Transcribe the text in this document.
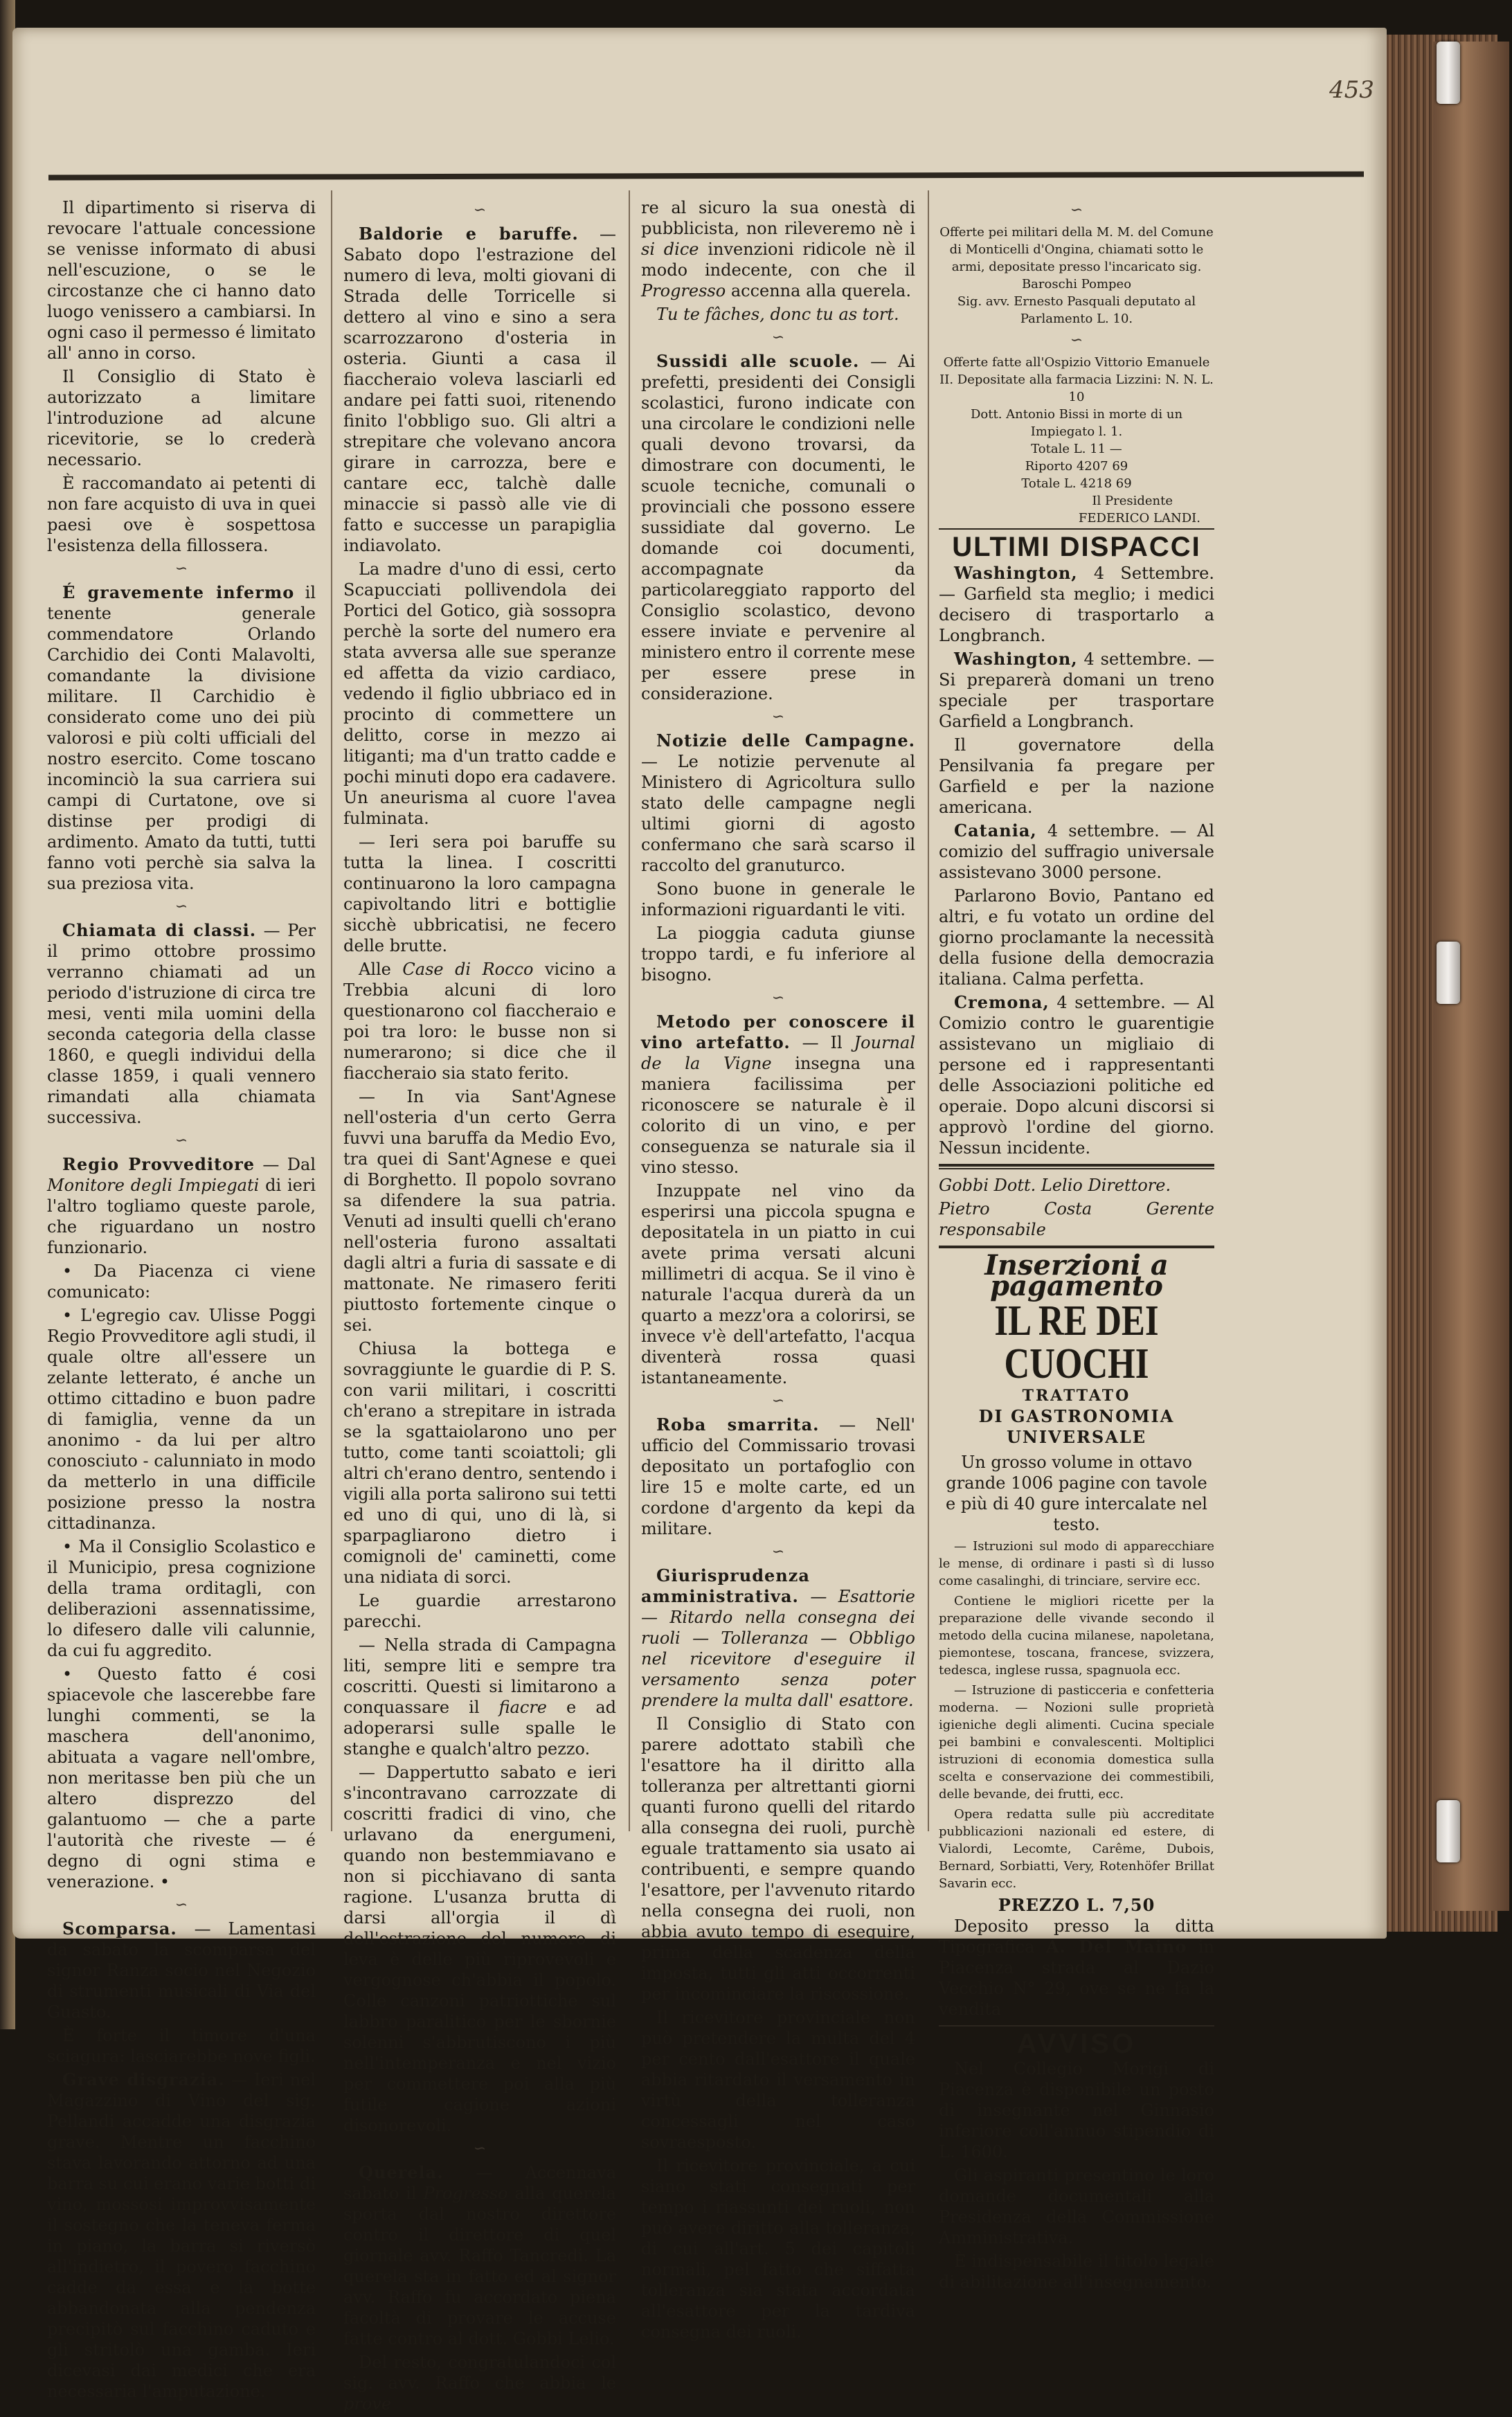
453

Il dipartimento si riserva di revocare l'attuale concessione se venisse informato di abusi nell'escuzione, o se le circostanze che ci hanno dato luogo venissero a cambiarsi. In ogni caso il permesso é limitato all' anno in corso.

Il Consiglio di Stato è autorizzato a limitare l'introduzione ad alcune ricevitorie, se lo crederà necessario.

È raccomandato ai petenti di non fare acquisto di uva in quei paesi ove è sospettosa l'esistenza della fillossera.

∽

É gravemente infermo il tenente generale commendatore Orlando Carchidio dei Conti Malavolti, comandante la divisione militare. Il Carchidio è considerato come uno dei più valorosi e più colti ufficiali del nostro esercito. Come toscano incominciò la sua carriera sui campi di Curtatone, ove si distinse per prodigi di ardimento. Amato da tutti, tutti fanno voti perchè sia salva la sua preziosa vita.

∽

Chiamata di classi. — Per il primo ottobre prossimo verranno chiamati ad un periodo d'istruzione di circa tre mesi, venti mila uomini della seconda categoria della classe 1860, e quegli individui della classe 1859, i quali vennero rimandati alla chiamata successiva.

∽

Regio Provveditore — Dal Monitore degli Impiegati di ieri l'altro togliamo queste parole, che riguardano un nostro funzionario.

• Da Piacenza ci viene comunicato:

• L'egregio cav. Ulisse Poggi Regio Provveditore agli studi, il quale oltre all'essere un zelante letterato, é anche un ottimo cittadino e buon padre di famiglia, venne da un anonimo - da lui per altro conosciuto - calunniato in modo da metterlo in una difficile posizione presso la nostra cittadinanza.

• Ma il Consiglio Scolastico e il Municipio, presa cognizione della trama orditagli, con deliberazioni assennatissime, lo difesero dalle vili calunnie, da cui fu aggredito.

• Questo fatto é cosi spiacevole che lascerebbe fare lunghi commenti, se la maschera dell'anonimo, abituata a vagare nell'ombre, non meritasse ben più che un altero disprezzo del galantuomo — che a parte l'autorità che riveste — é degno di ogni stima e venerazione. •

∽

Scomparsa. — Lamentasi da sabato la scomparsa del signor Ranza socio nel Negozio di strumenti musicali di Via del Guasto.

È forte il timore d'una sciagura: lasciarebbe nove figli.

Grave disgrazia. — Ieri nel Magazzino di Vino del sig. Pellandi accadde una disgrazia grave. Mentre un facchino stava lavorando attorno ad una barra su cui erano varie botti di vino, mossosi improvvisamente il sostegno che la teneva ferma in piano, la barra si riversò all'indietro, il povero facchino cadde da essa e la botte abbandonata alla pendenza precipitò sul facchino caduto e gli stritolò una gamba. Ieri dicevasi dai medici che era necessaria l'amputazione.

∽

Baldorie e baruffe. — Sabato dopo l'estrazione del numero di leva, molti giovani di Strada delle Torricelle si dettero al vino e sino a sera scarrozzarono d'osteria in osteria. Giunti a casa il fiaccheraio voleva lasciarli ed andare pei fatti suoi, ritenendo finito l'obbligo suo. Gli altri a strepitare che volevano ancora girare in carrozza, bere e cantare ecc, talchè dalle minaccie si passò alle vie di fatto e successe un parapiglia indiavolato.

La madre d'uno di essi, certo Scapucciati pollivendola dei Portici del Gotico, già sossopra perchè la sorte del numero era stata avversa alle sue speranze ed affetta da vizio cardiaco, vedendo il figlio ubbriaco ed in procinto di commettere un delitto, corse in mezzo ai litiganti; ma d'un tratto cadde e pochi minuti dopo era cadavere. Un aneurisma al cuore l'avea fulminata.

— Ieri sera poi baruffe su tutta la linea. I coscritti continuarono la loro campagna capivoltando litri e bottiglie sicchè ubbricatisi, ne fecero delle brutte.

Alle Case di Rocco vicino a Trebbia alcuni di loro questionarono col fiaccheraio e poi tra loro: le busse non si numerarono; si dice che il fiaccheraio sia stato ferito.

— In via Sant'Agnese nell'osteria d'un certo Gerra fuvvi una baruffa da Medio Evo, tra quei di Sant'Agnese e quei di Borghetto. Il popolo sovrano sa difendere la sua patria. Venuti ad insulti quelli ch'erano nell'osteria furono assaltati dagli altri a furia di sassate e di mattonate. Ne rimasero feriti piuttosto fortemente cinque o sei.

Chiusa la bottega e sovraggiunte le guardie di P. S. con varii militari, i coscritti ch'erano a strepitare in istrada se la sgattaiolarono uno per tutto, come tanti scoiattoli; gli altri ch'erano dentro, sentendo i vigili alla porta salirono sui tetti ed uno di qui, uno di là, si sparpagliarono dietro i comignoli de' caminetti, come una nidiata di sorci.

Le guardie arrestarono parecchi.

— Nella strada di Campagna liti, sempre liti e sempre tra coscritti. Questi si limitarono a conquassare il fiacre e ad adoperarsi sulle spalle le stanghe e qualch'altro pezzo.

— Dappertutto sabato e ieri s'incontravano carrozzate di coscritti fradici di vino, che urlavano da energumeni, quando non bestemmiavano e non si picchiavano di santa ragione. L'usanza brutta di darsi all'orgia il dì dell'estrazione del numero di leva è delle più riprovevoli e vergognose ch'abbia il popolo. Colle canzoni patriottiche sul labbro paralitico per le sbornie solenni s'abbrutiscono i più nell'intemperanza e nel vizio per commettere poi alla più futile cagione azioni disonorevoli.

∽

Querela. — Accennava sabato il Progresso alla querela sporta dal nostro direttore contro il direttore di quel giornale avv. Raffo Tancredi. La querela sta in fatto ed al signor avv. Raffo fu accordato piena facoltà di provare le accuse fatte contro al dott. Gobbi Lelio.

Del resto, congratulandoci col sig. avv. Raffo che abbia le prove

re al sicuro la sua onestà di pubblicista, non rileveremo nè i si dice invenzioni ridicole nè il modo indecente, con che il Progresso accenna alla querela.

Tu te fâches, donc tu as tort.

∽

Sussidi alle scuole. — Ai prefetti, presidenti dei Consigli scolastici, furono indicate con una circolare le condizioni nelle quali devono trovarsi, da dimostrare con documenti, le scuole tecniche, comunali o provinciali che possono essere sussidiate dal governo. Le domande coi documenti, accompagnate da particolareggiato rapporto del Consiglio scolastico, devono essere inviate e pervenire al ministero entro il corrente mese per essere prese in considerazione.

∽

Notizie delle Campagne. — Le notizie pervenute al Ministero di Agricoltura sullo stato delle campagne negli ultimi giorni di agosto confermano che sarà scarso il raccolto del granuturco.

Sono buone in generale le informazioni riguardanti le viti.

La pioggia caduta giunse troppo tardi, e fu inferiore al bisogno.

∽

Metodo per conoscere il vino artefatto. — Il Journal de la Vigne insegna una maniera facilissima per riconoscere se naturale è il colorito di un vino, e per conseguenza se naturale sia il vino stesso.

Inzuppate nel vino da esperirsi una piccola spugna e depositatela in un piatto in cui avete prima versati alcuni millimetri di acqua. Se il vino è naturale l'acqua durerà da un quarto a mezz'ora a colorirsi, se invece v'è dell'artefatto, l'acqua diventerà rossa quasi istantaneamente.

∽

Roba smarrita. — Nell' ufficio del Commissario trovasi depositato un portafoglio con lire 15 e molte carte, ed un cordone d'argento da kepi da militare.

∽

Giurisprudenza amministrativa. — Esattorie — Ritardo nella consegna dei ruoli — Tolleranza — Obbligo nel ricevitore d'eseguire il versamento senza poter prendere la multa dall' esattore.

Il Consiglio di Stato con parere adottato stabilì che l'esattore ha il diritto alla tolleranza per altrettanti giorni quanti furono quelli del ritardo alla consegna dei ruoli, purchè eguale trattamento sia usato ai contribuenti, e sempre quando l'esattore, per l'avvenuto ritardo nella consegna dei ruoli, non abbia avuto tempo di eseguire, prima della scadenza della imposta, tutti gli atti occorrenti per incominciare la riscossione.

Il ricevitore provinciale non può pretendere la multa del 4 per cento dall'esattore il quale abbia ritardato il versamento in virtù della tolleranza concessagli nel caso sovraesposto.

Il ricevitore provinciale, a cui siano stati consegnati per tempo i riassunti dei ruoli, non può avere diritto alla tolleranza, di cui all'art. 5 dei capitoli normali, pel fatto che siffatta tolleranza sia stata accordata all'esattore per la tardiva consegna dei ruoli.

∽
Offerte pei militari della M. M. del Comune di Monticelli d'Ongina, chiamati sotto le armi, depositate presso l'incaricato sig. Baroschi Pompeo
Sig. avv. Ernesto Pasquali deputato al Parlamento L. 10.
∽
Offerte fatte all'Ospizio Vittorio Emanuele II. Depositate alla farmacia Lizzini: N. N. L. 10
Dott. Antonio Bissi in morte di un Impiegato l. 1.
Totale L. 11 —
Riporto 4207 69
Totale L. 4218 69
Il Presidente
FEDERICO LANDI.
ULTIMI DISPACCI

Washington, 4 Settembre. — Garfield sta meglio; i medici decisero di trasportarlo a Longbranch.

Washington, 4 settembre. — Si preparerà domani un treno speciale per trasportare Garfield a Longbranch.

Il governatore della Pensilvania fa pregare per Garfield e per la nazione americana.

Catania, 4 settembre. — Al comizio del suffragio universale assistevano 3000 persone.

Parlarono Bovio, Pantano ed altri, e fu votato un ordine del giorno proclamante la necessità della fusione della democrazia italiana. Calma perfetta.

Cremona, 4 settembre. — Al Comizio contro le guarentigie assistevano un migliaio di persone ed i rappresentanti delle Associazioni politiche ed operaie. Dopo alcuni discorsi si approvò l'ordine del giorno. Nessun incidente.

Gobbi Dott. Lelio Direttore.

Pietro Costa Gerente responsabile

Inserzioni a pagamento
IL RE DEI CUOCHI
TRATTATO
DI GASTRONOMIA UNIVERSALE

Un grosso volume in ottavo grande 1006 pagine con tavole e più di 40 gure intercalate nel testo.

— Istruzioni sul modo di apparecchiare le mense, di ordinare i pasti sì di lusso come casalinghi, di trinciare, servire ecc.

Contiene le migliori ricette per la preparazione delle vivande secondo il metodo della cucina milanese, napoletana, piemontese, toscana, francese, svizzera, tedesca, inglese russa, spagnuola ecc.

— Istruzione di pasticceria e confetteria moderna. — Nozioni sulle proprietà igieniche degli alimenti. Cucina speciale pei bambini e convalescenti. Moltiplici istruzioni di economia domestica sulla scelta e conservazione dei commestibili, delle bevande, dei frutti, ecc.

Opera redatta sulle più accreditate pubblicazioni nazionali ed estere, di Vialordi, Lecomte, Carême, Dubois, Bernard, Sorbiatti, Very, Rotenhöfer Brillat Savarin ecc.

PREZZO L. 7,50

Deposito presso la ditta Tipografica A. Del Maino in Piacenza strada al Dazio Vecchio N° 29, ove se ne fa la vendita

AVVISO

Nel Collegio Morigi di Piacenza è disponibile un posto di insegnante nel Ginnasio inferiore coll'annuo stipendio di L. 1600.

Gli aspiranti presentino le loro domande documentali alla Presidenza della Commissione Amministrativa.

È indispensabile il titolo legale di abilitazione all'insegnamento.
